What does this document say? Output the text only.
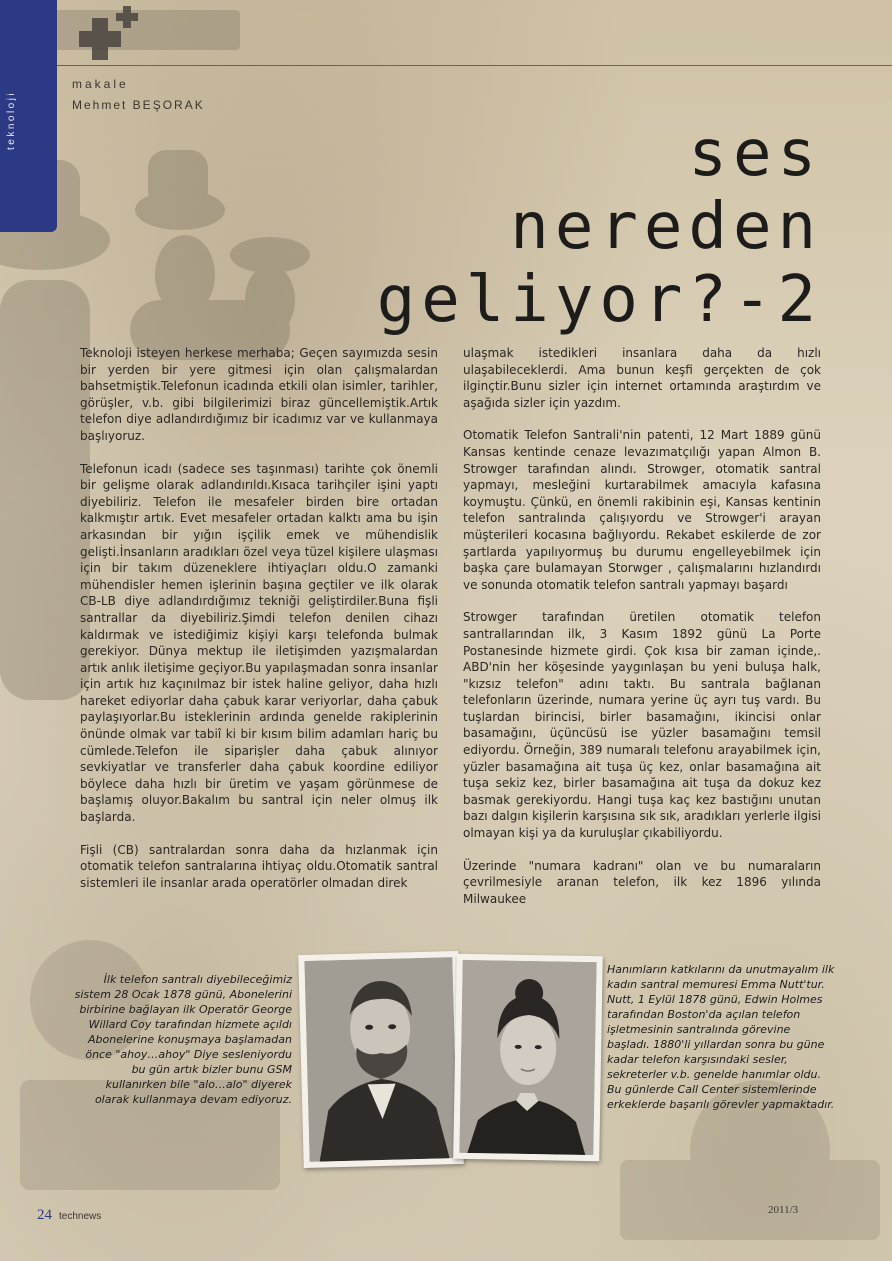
teknoloji
makale
Mehmet BEŞORAK
ses
nereden
geliyor?-2

Teknoloji isteyen herkese merhaba; Geçen sayımızda sesin bir yerden bir yere gitmesi için olan çalışmalardan bahsetmiştik.Telefonun icadında etkili olan isimler, tarihler, görüşler, v.b. gibi bilgilerimizi biraz güncellemiştik.Artık telefon diye adlandırdığımız bir icadımız var ve kullanmaya başlıyoruz.

Telefonun icadı (sadece ses taşınması) tarihte çok önemli bir gelişme olarak adlandırıldı.Kısaca tarihçiler işini yaptı diyebiliriz. Telefon ile mesafeler birden bire ortadan kalkmıştır artık. Evet mesafeler ortadan kalktı ama bu işin arkasından bir yığın işçilik emek ve mühendislik gelişti.İnsanların aradıkları özel veya tüzel kişilere ulaşması için bir takım düzeneklere ihtiyaçları oldu.O zamanki mühendisler hemen işlerinin başına geçtiler ve ilk olarak CB-LB diye adlandırdığımız tekniği geliştirdiler.Buna fişli santrallar da diyebiliriz.Şimdi telefon denilen cihazı kaldırmak ve istediğimiz kişiyi karşı telefonda bulmak gerekiyor. Dünya mektup ile iletişimden yazışmalardan artık anlık iletişime geçiyor.Bu yapılaşmadan sonra insanlar için artık hız kaçınılmaz bir istek haline geliyor, daha hızlı hareket ediyorlar daha çabuk karar veriyorlar, daha çabuk paylaşıyorlar.Bu isteklerinin ardında genelde rakiplerinin önünde olmak var tabiî ki bir kısım bilim adamları hariç bu cümlede.Telefon ile siparişler daha çabuk alınıyor sevkiyatlar ve transferler daha çabuk koordine ediliyor böylece daha hızlı bir üretim ve yaşam görünmese de başlamış oluyor.Bakalım bu santral için neler olmuş ilk başlarda.

Fişli (CB) santralardan sonra daha da hızlanmak için otomatik telefon santralarına ihtiyaç oldu.Otomatik santral sistemleri ile insanlar arada operatörler olmadan direk

ulaşmak istedikleri insanlara daha da hızlı ulaşabileceklerdi. Ama bunun keşfi gerçekten de çok ilginçtir.Bunu sizler için internet ortamında araştırdım ve aşağıda sizler için yazdım.

Otomatik Telefon Santrali'nin patenti, 12 Mart 1889 günü Kansas kentinde cenaze levazımatçılığı yapan Almon B. Strowger tarafından alındı. Strowger, otomatik santral yapmayı, mesleğini kurtarabilmek amacıyla kafasına koymuştu. Çünkü, en önemli rakibinin eşi, Kansas kentinin telefon santralında çalışıyordu ve Strowger'i arayan müşterileri kocasına bağlıyordu. Rekabet eskilerde de zor şartlarda yapılıyormuş bu durumu engelleyebilmek için başka çare bulamayan Storwger , çalışmalarını hızlandırdı ve sonunda otomatik telefon santralı yapmayı başardı

Strowger tarafından üretilen otomatik telefon santrallarından ilk, 3 Kasım 1892 günü La Porte Postanesinde hizmete girdi. Çok kısa bir zaman içinde,. ABD'nin her köşesinde yaygınlaşan bu yeni buluşa halk, "kızsız telefon" adını taktı. Bu santrala bağlanan telefonların üzerinde, numara yerine üç ayrı tuş vardı. Bu tuşlardan birincisi, birler basamağını, ikincisi onlar basamağını, üçüncüsü ise yüzler basamağını temsil ediyordu. Örneğin, 389 numaralı telefonu arayabilmek için, yüzler basamağına ait tuşa üç kez, onlar basamağına ait tuşa sekiz kez, birler basamağına ait tuşa da dokuz kez basmak gerekiyordu. Hangi tuşa kaç kez bastığını unutan bazı dalgın kişilerin karşısına sık sık, aradıkları yerlerle ilgisi olmayan kişi ya da kuruluşlar çıkabiliyordu.

Üzerinde "numara kadranı" olan ve bu numaraların çevrilmesiyle aranan telefon, ilk kez 1896 yılında Milwaukee

İlk telefon santralı diyebileceğimiz sistem 28 Ocak 1878 günü, Abonelerini birbirine bağlayan ilk Operatör George Willard Coy tarafından hizmete açıldı Abonelerine konuşmaya başlamadan önce "ahoy…ahoy" Diye sesleniyordu bu gün artık bizler bunu GSM kullanırken bile "alo…alo" diyerek olarak kullanmaya devam ediyoruz.
Hanımların katkılarını da unutmayalım ilk kadın santral memuresi Emma Nutt'tur. Nutt, 1 Eylül 1878 günü, Edwin Holmes tarafından Boston'da açılan telefon işletmesinin santralında görevine başladı. 1880'li yıllardan sonra bu güne kadar telefon karşısındaki sesler, sekreterler v.b. genelde hanımlar oldu. Bu günlerde Call Center sistemlerinde erkeklerde başarılı görevler yapmaktadır.
24 technews
2011/3
